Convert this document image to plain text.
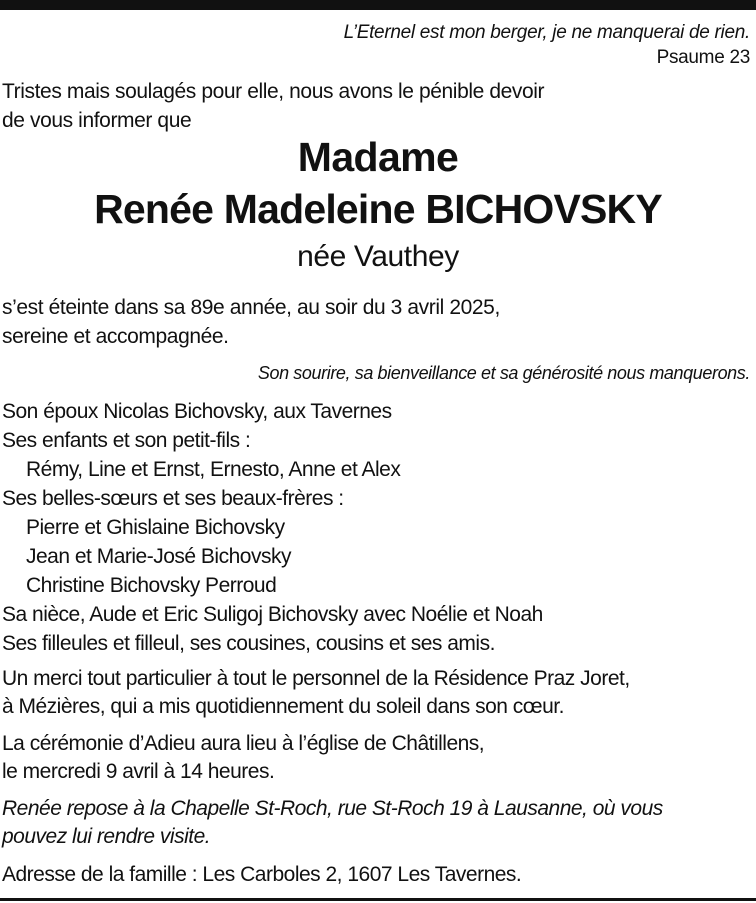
L’Eternel est mon berger, je ne manquerai de rien.
Psaume 23
Tristes mais soulagés pour elle, nous avons le pénible devoir
de vous informer que
Madame
Renée Madeleine BICHOVSKY
née Vauthey
s’est éteinte dans sa 89e année, au soir du 3 avril 2025,
sereine et accompagnée.
Son sourire, sa bienveillance et sa générosité nous manquerons.
Son époux Nicolas Bichovsky, aux Tavernes
Ses enfants et son petit-fils :
Rémy, Line et Ernst, Ernesto, Anne et Alex
Ses belles-sœurs et ses beaux-frères :
Pierre et Ghislaine Bichovsky
Jean et Marie-José Bichovsky
Christine Bichovsky Perroud
Sa nièce, Aude et Eric Suligoj Bichovsky avec Noélie et Noah
Ses filleules et filleul, ses cousines, cousins et ses amis.
Un merci tout particulier à tout le personnel de la Résidence Praz Joret,
à Mézières, qui a mis quotidiennement du soleil dans son cœur.
La cérémonie d’Adieu aura lieu à l’église de Châtillens,
le mercredi 9 avril à 14 heures.
Renée repose à la Chapelle St-Roch, rue St-Roch 19 à Lausanne, où vous
pouvez lui rendre visite.
Adresse de la famille : Les Carboles 2, 1607 Les Tavernes.
